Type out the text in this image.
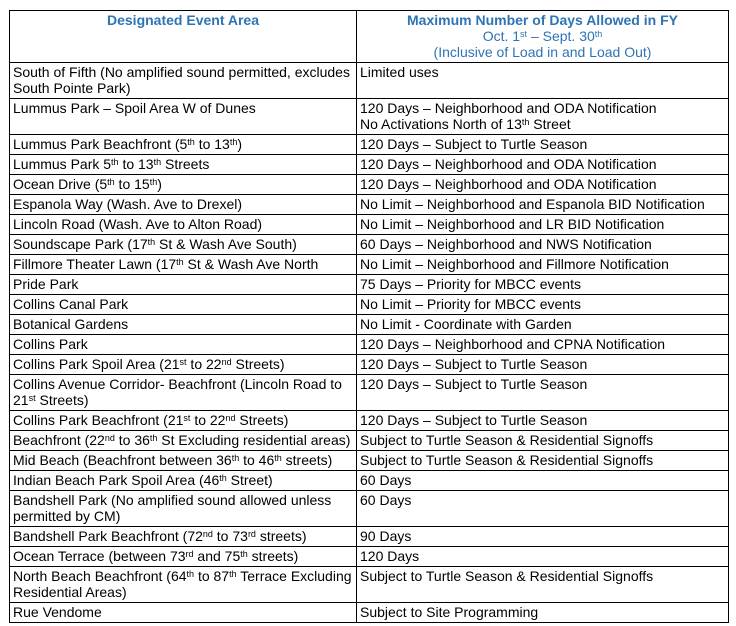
Designated Event Area	Maximum Number of Days Allowed in FY
Oct. 1st – Sept. 30th
(Inclusive of Load in and Load Out)

South of Fifth (No amplified sound permitted, excludes South Pointe Park)	Limited uses
Lummus Park – Spoil Area W of Dunes	120 Days – Neighborhood and ODA Notification
No Activations North of 13th Street
Lummus Park Beachfront (5th to 13th)	120 Days – Subject to Turtle Season
Lummus Park 5th to 13th Streets	120 Days – Neighborhood and ODA Notification
Ocean Drive (5th to 15th)	120 Days – Neighborhood and ODA Notification
Espanola Way (Wash. Ave to Drexel)	No Limit – Neighborhood and Espanola BID Notification
Lincoln Road (Wash. Ave to Alton Road)	No Limit – Neighborhood and LR BID Notification
Soundscape Park (17th St & Wash Ave South)	60 Days – Neighborhood and NWS Notification
Fillmore Theater Lawn (17th St & Wash Ave North	No Limit – Neighborhood and Fillmore Notification
Pride Park	75 Days – Priority for MBCC events
Collins Canal Park	No Limit – Priority for MBCC events
Botanical Gardens	No Limit - Coordinate with Garden
Collins Park	120 Days – Neighborhood and CPNA Notification
Collins Park Spoil Area (21st to 22nd Streets)	120 Days – Subject to Turtle Season
Collins Avenue Corridor- Beachfront (Lincoln Road to 21st Streets)	120 Days – Subject to Turtle Season
Collins Park Beachfront (21st to 22nd Streets)	120 Days – Subject to Turtle Season
Beachfront (22nd to 36th St Excluding residential areas)	Subject to Turtle Season & Residential Signoffs
Mid Beach (Beachfront between 36th to 46th streets)	Subject to Turtle Season & Residential Signoffs
Indian Beach Park Spoil Area (46th Street)	60 Days
Bandshell Park (No amplified sound allowed unless permitted by CM)	60 Days
Bandshell Park Beachfront (72nd to 73rd streets)	90 Days
Ocean Terrace (between 73rd and 75th streets)	120 Days
North Beach Beachfront (64th to 87th Terrace Excluding Residential Areas)	Subject to Turtle Season & Residential Signoffs
Rue Vendome	Subject to Site Programming
